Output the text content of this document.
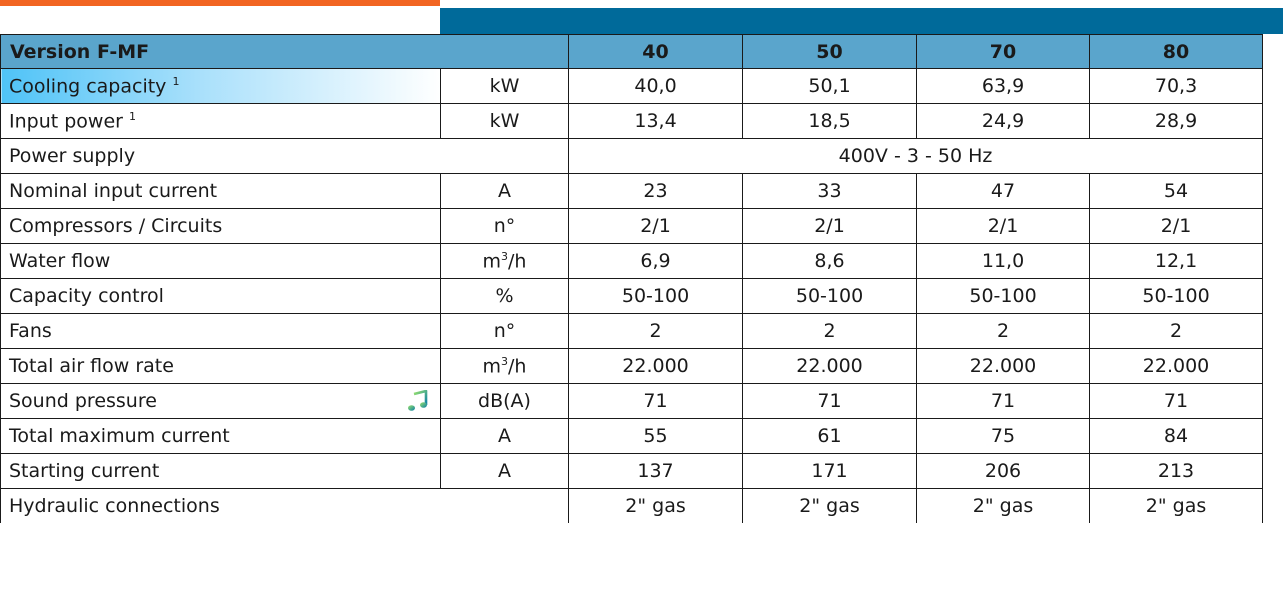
Version F-MF		40	50	70	80
Cooling capacity $^1$	kW	40,0	50,1	63,9	70,3
Input power $^1$	kW	13,4	18,5	24,9	28,9
Power supply		400V - 3 - 50 Hz			
Nominal input current	A	23	33	47	54
Compressors / Circuits	n°	2/1	2/1	2/1	2/1
Water flow	$m^3/h$	6,9	8,6	11,0	12,1
Capacity control	%	50-100	50-100	50-100	50-100
Fans	n°	2	2	2	2
Total air flow rate	$m^3/h$	22.000	22.000	22.000	22.000
Sound pressure	dB(A)	71	71	71	71
Total maximum current	A	55	61	75	84
Starting current	A	137	171	206	213
Hydraulic connections		2" gas	2" gas	2" gas	2" gas
